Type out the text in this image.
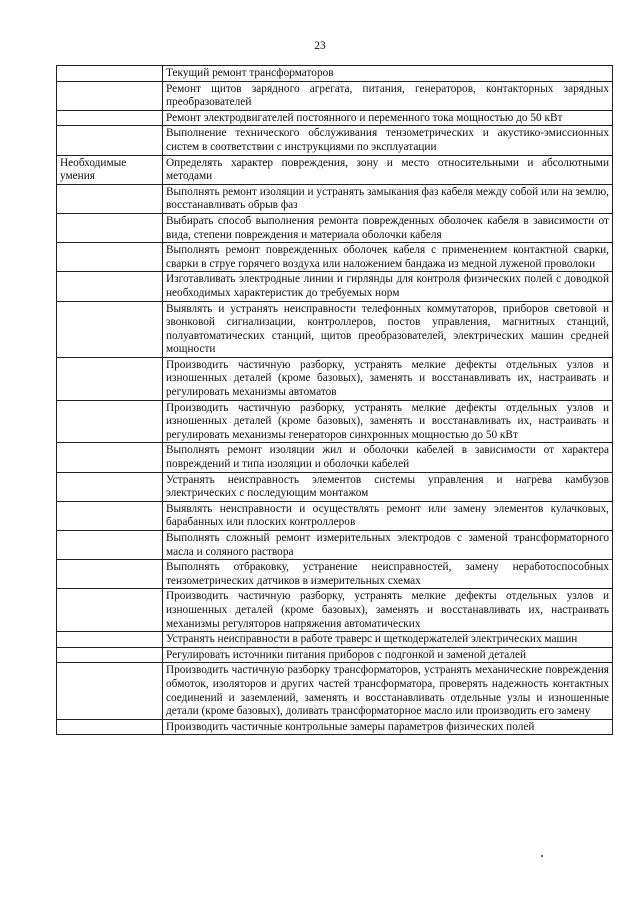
23
	Текущий ремонт трансформаторов
	Ремонт щитов зарядного агрегата, питания, генераторов, контакторных зарядных преобразователей
	Ремонт электродвигателей постоянного и переменного тока мощностью до 50 кВт
	Выполнение технического обслуживания тензометрических и акустико-эмиссионных систем в соответствии с инструкциями по эксплуатации
Необходимые умения	Определять характер повреждения, зону и место относительными и абсолютными методами
	Выполнять ремонт изоляции и устранять замыкания фаз кабеля между собой или на землю, восстанавливать обрыв фаз
	Выбирать способ выполнения ремонта поврежденных оболочек кабеля в зависимости от вида, степени повреждения и материала оболочки кабеля
	Выполнять ремонт поврежденных оболочек кабеля с применением контактной сварки, сварки в струе горячего воздуха или наложением бандажа из медной луженой проволоки
	Изготавливать электродные линии и гирлянды для контроля физических полей с доводкой необходимых характеристик до требуемых норм
	Выявлять и устранять неисправности телефонных коммутаторов, приборов световой и звонковой сигнализации, контроллеров, постов управления, магнитных станций, полуавтоматических станций, щитов преобразователей, электрических машин средней мощности
	Производить частичную разборку, устранять мелкие дефекты отдельных узлов и изношенных деталей (кроме базовых), заменять и восстанавливать их, настраивать и регулировать механизмы автоматов
	Производить частичную разборку, устранять мелкие дефекты отдельных узлов и изношенных деталей (кроме базовых), заменять и восстанавливать их, настраивать и регулировать механизмы генераторов синхронных мощностью до 50 кВт
	Выполнять ремонт изоляции жил и оболочки кабелей в зависимости от характера повреждений и типа изоляции и оболочки кабелей
	Устранять неисправность элементов системы управления и нагрева камбузов электрических с последующим монтажом
	Выявлять неисправности и осуществлять ремонт или замену элементов кулачковых, барабанных или плоских контроллеров
	Выполнять сложный ремонт измерительных электродов с заменой трансформаторного масла и соляного раствора
	Выполнять отбраковку, устранение неисправностей, замену неработоспособных тензометрических датчиков в измерительных схемах
	Производить частичную разборку, устранять мелкие дефекты отдельных узлов и изношенных деталей (кроме базовых), заменять и восстанавливать их, настраивать механизмы регуляторов напряжения автоматических
	Устранять неисправности в работе траверс и щеткодержателей электрических машин
	Регулировать источники питания приборов с подгонкой и заменой деталей
	Производить частичную разборку трансформаторов, устранять механические повреждения обмоток, изоляторов и других частей трансформатора, проверять надежность контактных соединений и заземлений, заменять и восстанавливать отдельные узлы и изношенные детали (кроме базовых), доливать трансформаторное масло или производить его замену
	Производить частичные контрольные замеры параметров физических полей
